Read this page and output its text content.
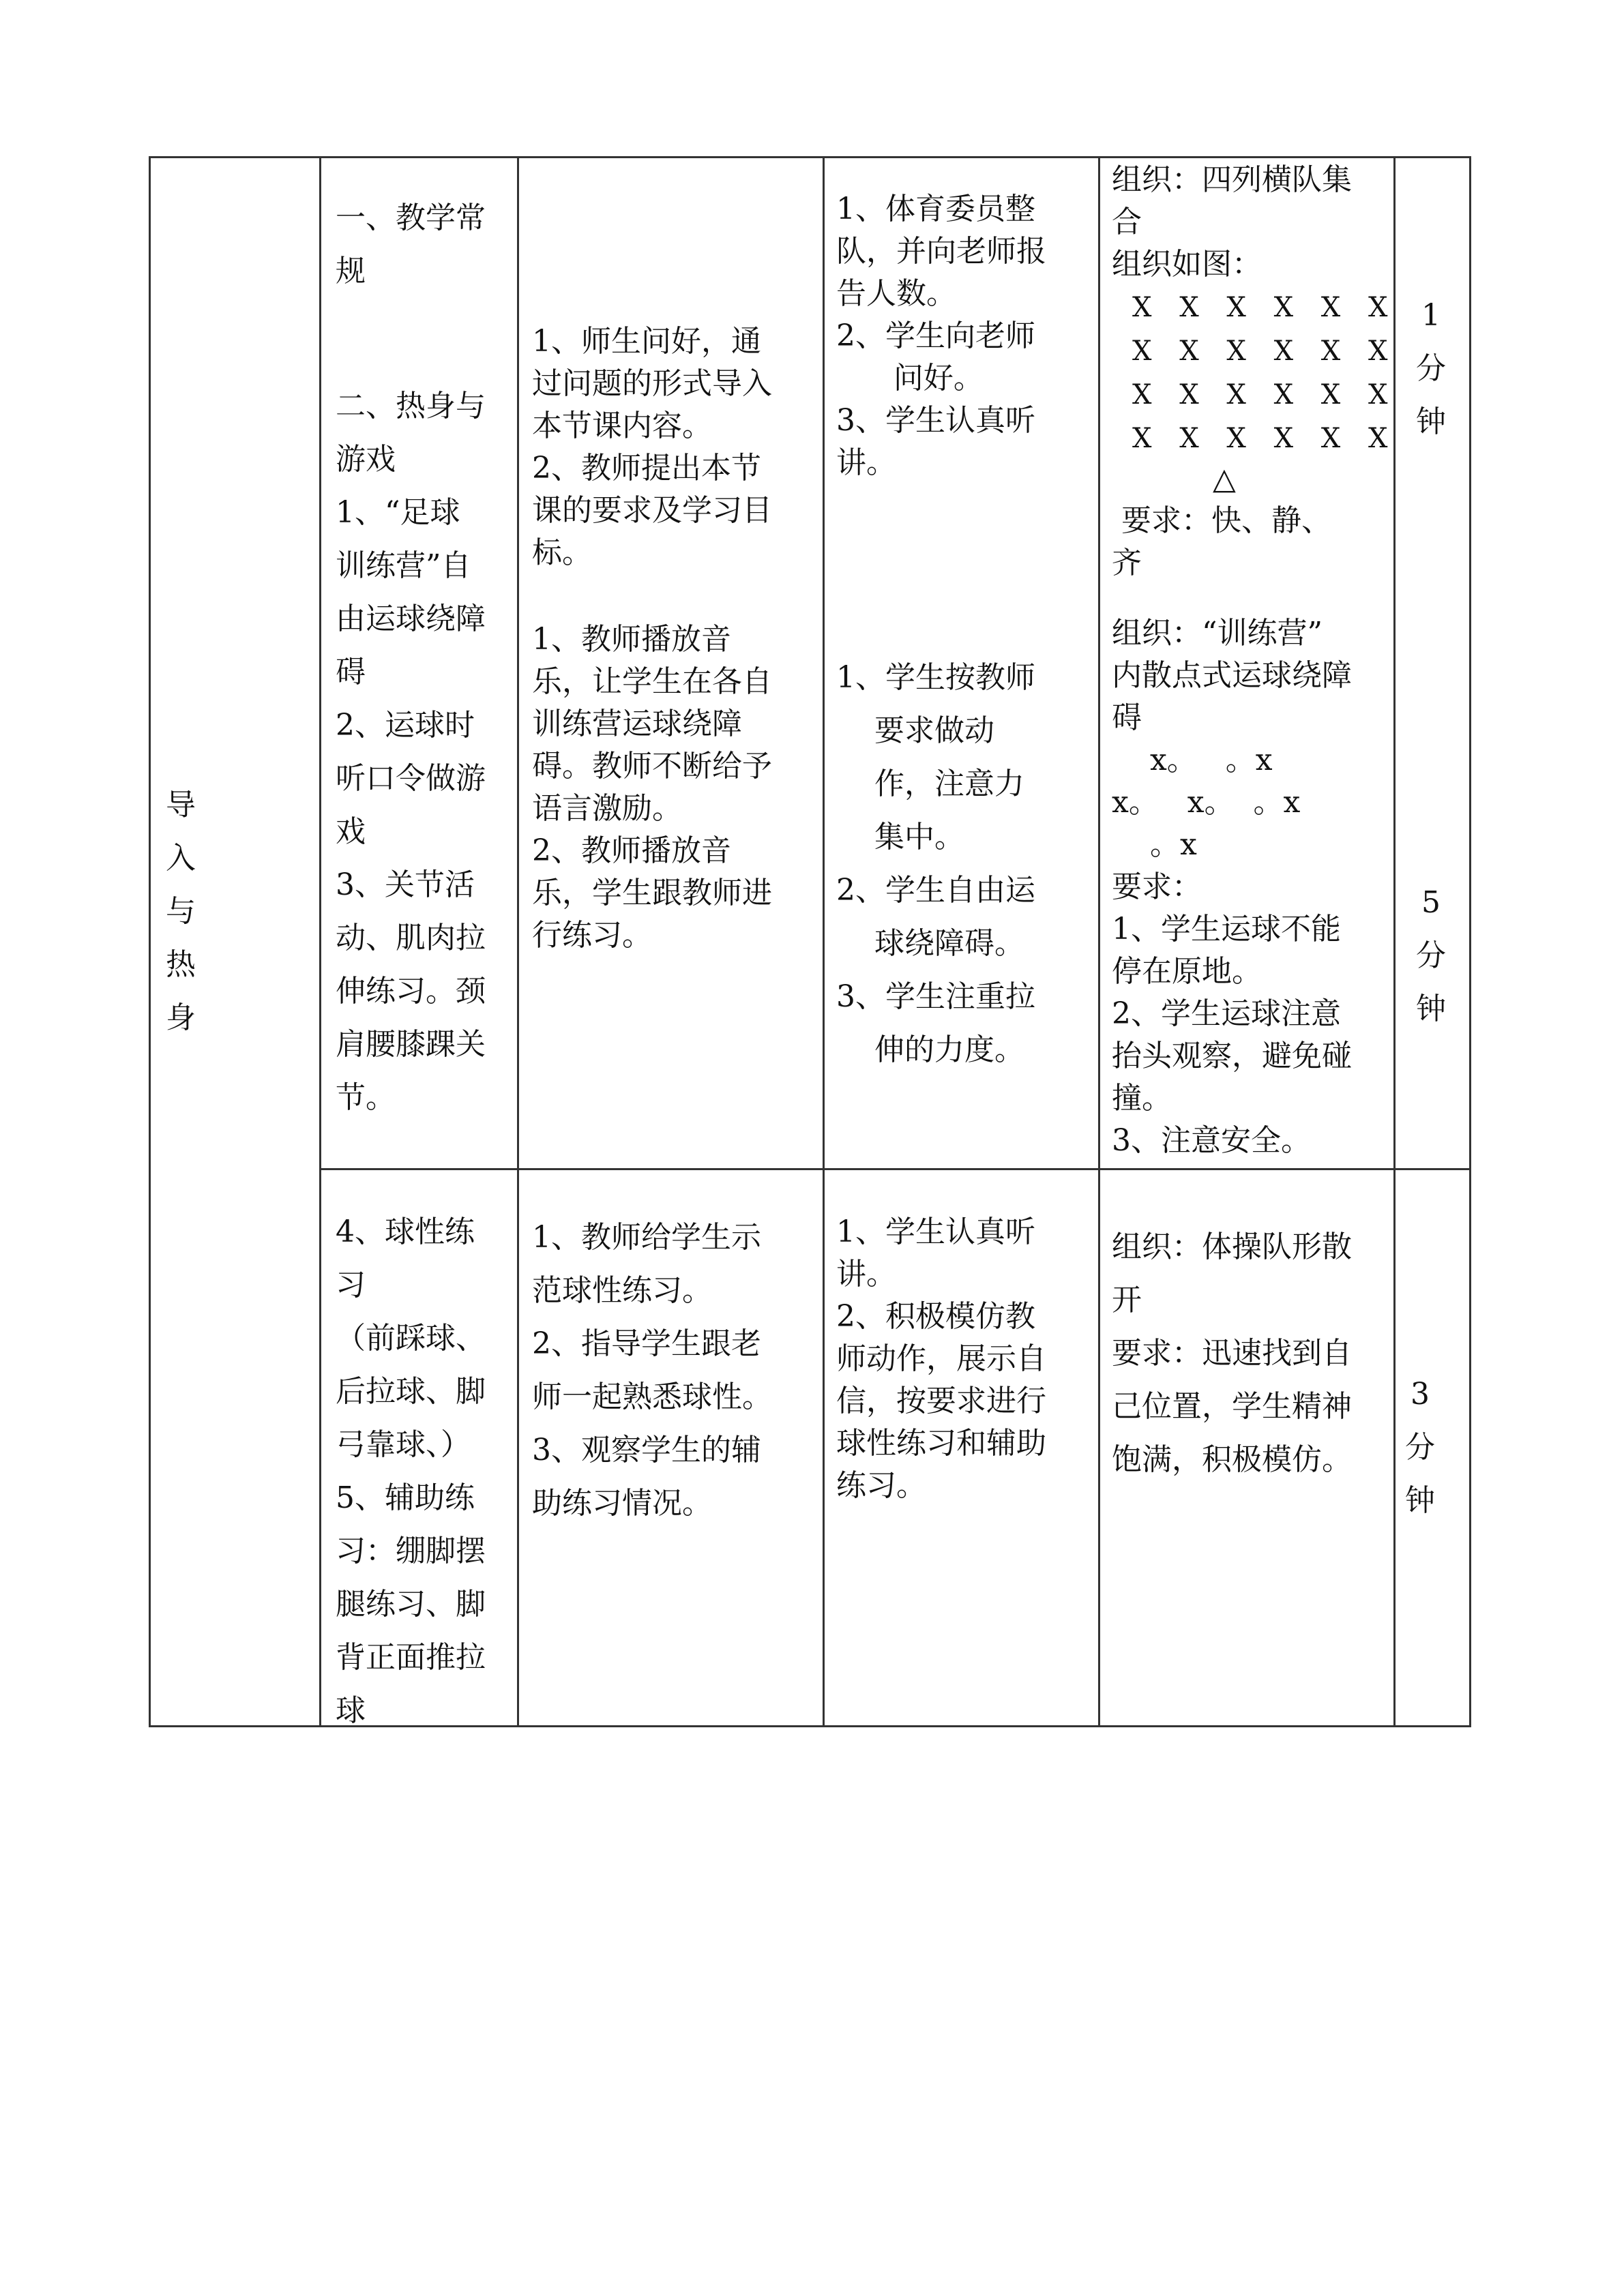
导
入
与
热
身
一、教学常
规
二、热身与
游戏
1、“足球
训练营”自
由运球绕障
碍
2、运球时
听口令做游
戏
3、关节活
动、肌肉拉
伸练习。颈
肩腰膝踝关
节。
1、师生问好，通
过问题的形式导入
本节课内容。
2、教师提出本节
课的要求及学习目
标。
1、教师播放音
乐，让学生在各自
训练营运球绕障
碍。教师不断给予
语言激励。
2、教师播放音
乐，学生跟教师进
行练习。
1、体育委员整
队，并向老师报
告人数。
2、学生向老师
问好。
3、学生认真听
讲。
1、学生按教师
要求做动
作，注意力
集中。
2、学生自由运
球绕障碍。
3、学生注重拉
伸的力度。
组织：四列横队集
合
组织如图：
X X X X X X
X X X X X X
X X X X X X
X X X X X X
△
要求：快、静、
齐
组织：“训练营”
内散点式运球绕障
碍
x。   。x
x。   x。  。x
。x
要求：
1、学生运球不能
停在原地。
2、学生运球注意
抬头观察，避免碰
撞。
3、注意安全。
1
分
钟
5
分
钟
4、球性练
习
（前踩球、
后拉球、脚
弓靠球、）
5、辅助练
习：绷脚摆
腿练习、脚
背正面推拉
球
1、教师给学生示
范球性练习。
2、指导学生跟老
师一起熟悉球性。
3、观察学生的辅
助练习情况。
1、学生认真听
讲。
2、积极模仿教
师动作，展示自
信，按要求进行
球性练习和辅助
练习。
组织：体操队形散
开
要求：迅速找到自
己位置，学生精神
饱满，积极模仿。
3
分
钟
